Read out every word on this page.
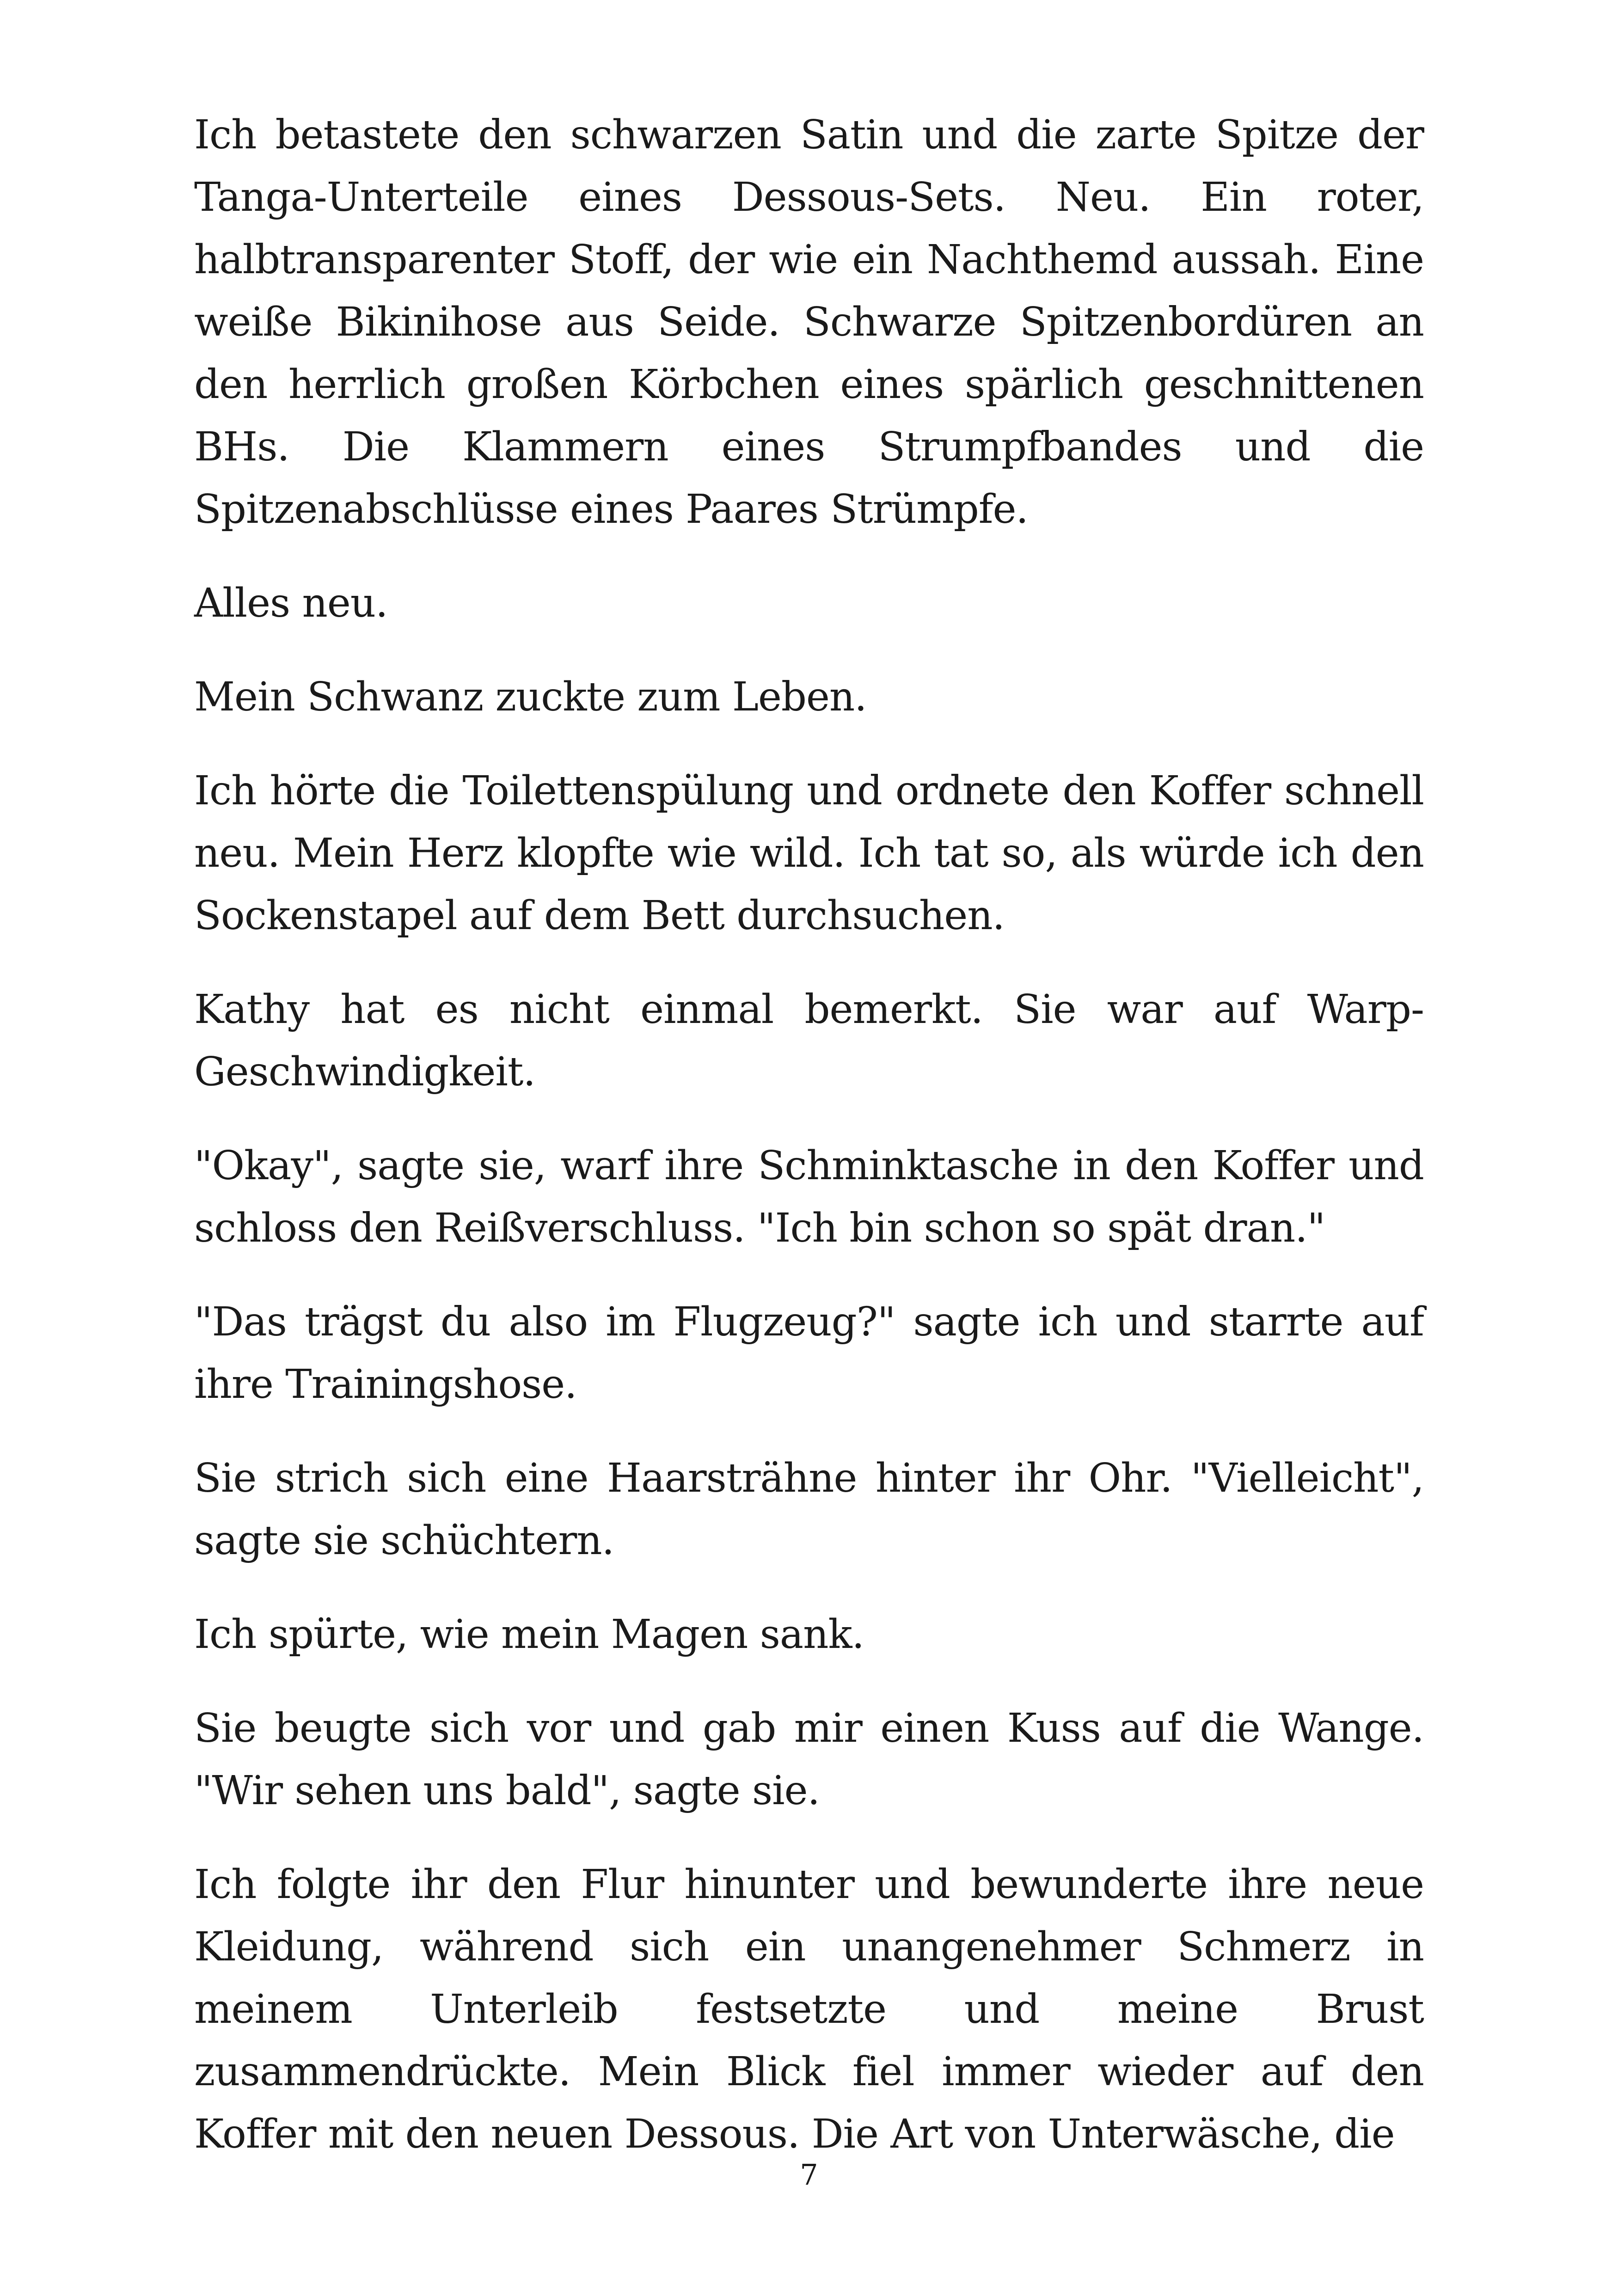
Ich betastete den schwarzen Satin und die zarte Spitze der Tanga-Unterteile eines Dessous-Sets. Neu. Ein roter, halbtransparenter Stoff, der wie ein Nachthemd aussah. Eine weiße Bikinihose aus Seide. Schwarze Spitzenbordüren an den herrlich großen Körbchen eines spärlich geschnittenen BHs. Die Klammern eines Strumpfbandes und die Spitzenabschlüsse eines Paares Strümpfe.

Alles neu.

Mein Schwanz zuckte zum Leben.

Ich hörte die Toilettenspülung und ordnete den Koffer schnell neu. Mein Herz klopfte wie wild. Ich tat so, als würde ich den Sockenstapel auf dem Bett durchsuchen.

Kathy hat es nicht einmal bemerkt. Sie war auf Warp-Geschwindigkeit.

"Okay", sagte sie, warf ihre Schminktasche in den Koffer und schloss den Reißverschluss. "Ich bin schon so spät dran."

"Das trägst du also im Flugzeug?" sagte ich und starrte auf ihre Trainingshose.

Sie strich sich eine Haarsträhne hinter ihr Ohr. "Vielleicht", sagte sie schüchtern.

Ich spürte, wie mein Magen sank.

Sie beugte sich vor und gab mir einen Kuss auf die Wange. "Wir sehen uns bald", sagte sie.

Ich folgte ihr den Flur hinunter und bewunderte ihre neue Kleidung, während sich ein unangenehmer Schmerz in meinem Unterleib festsetzte und meine Brust zusammendrückte. Mein Blick fiel immer wieder auf den Koffer mit den neuen Dessous. Die Art von Unterwäsche, die

7
